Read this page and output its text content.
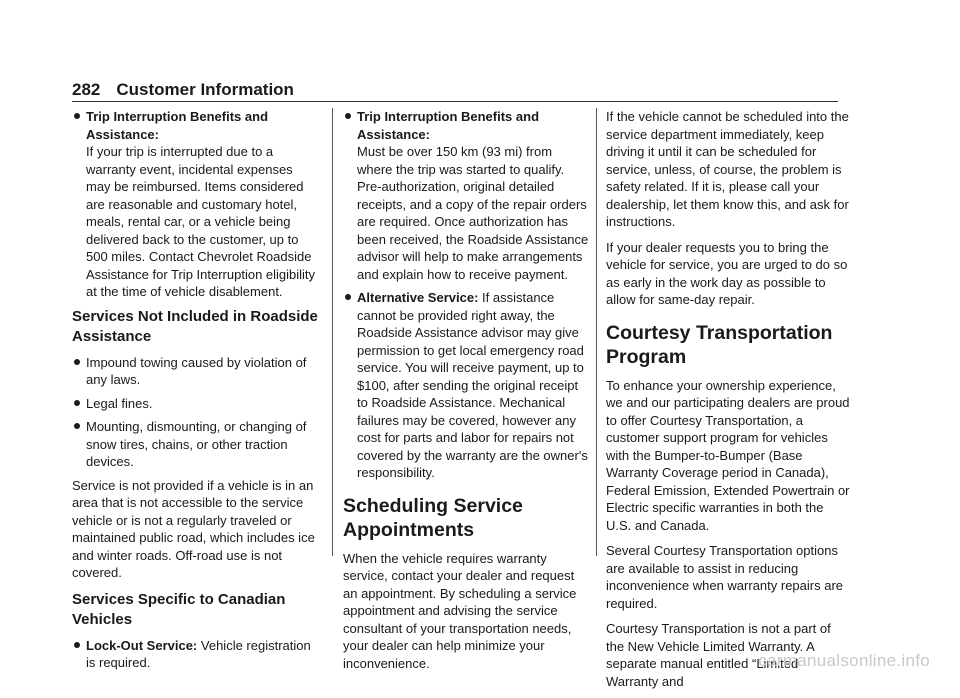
282 Customer Information
Trip Interruption Benefits and Assistance:
If your trip is interrupted due to a warranty event, incidental expenses may be reimbursed. Items considered are reasonable and customary hotel, meals, rental car, or a vehicle being delivered back to the customer, up to 500 miles. Contact Chevrolet Roadside Assistance for Trip Interruption eligibility at the time of vehicle disablement.
Services Not Included in Roadside Assistance
Impound towing caused by violation of any laws.
Legal fines.
Mounting, dismounting, or changing of snow tires, chains, or other traction devices.

Service is not provided if a vehicle is in an area that is not accessible to the service vehicle or is not a regularly traveled or maintained public road, which includes ice and winter roads. Off-road use is not covered.

Services Specific to Canadian Vehicles
Lock-Out Service: Vehicle registration is required.
Trip Interruption Benefits and Assistance:
Must be over 150 km (93 mi) from where the trip was started to qualify. Pre-authorization, original detailed receipts, and a copy of the repair orders are required. Once authorization has been received, the Roadside Assistance advisor will help to make arrangements and explain how to receive payment.
Alternative Service: If assistance cannot be provided right away, the Roadside Assistance advisor may give permission to get local emergency road service. You will receive payment, up to $100, after sending the original receipt to Roadside Assistance. Mechanical failures may be covered, however any cost for parts and labor for repairs not covered by the warranty are the owner's responsibility.
Scheduling Service Appointments

When the vehicle requires warranty service, contact your dealer and request an appointment. By scheduling a service appointment and advising the service consultant of your transportation needs, your dealer can help minimize your inconvenience.

If the vehicle cannot be scheduled into the service department immediately, keep driving it until it can be scheduled for service, unless, of course, the problem is safety related. If it is, please call your dealership, let them know this, and ask for instructions.

If your dealer requests you to bring the vehicle for service, you are urged to do so as early in the work day as possible to allow for same-day repair.

Courtesy Transportation Program

To enhance your ownership experience, we and our participating dealers are proud to offer Courtesy Transportation, a customer support program for vehicles with the Bumper-to-Bumper (Base Warranty Coverage period in Canada), Federal Emission, Extended Powertrain or Electric specific warranties in both the U.S. and Canada.

Several Courtesy Transportation options are available to assist in reducing inconvenience when warranty repairs are required.

Courtesy Transportation is not a part of the New Vehicle Limited Warranty. A separate manual entitled “Limited Warranty and

carmanualsonline.info
